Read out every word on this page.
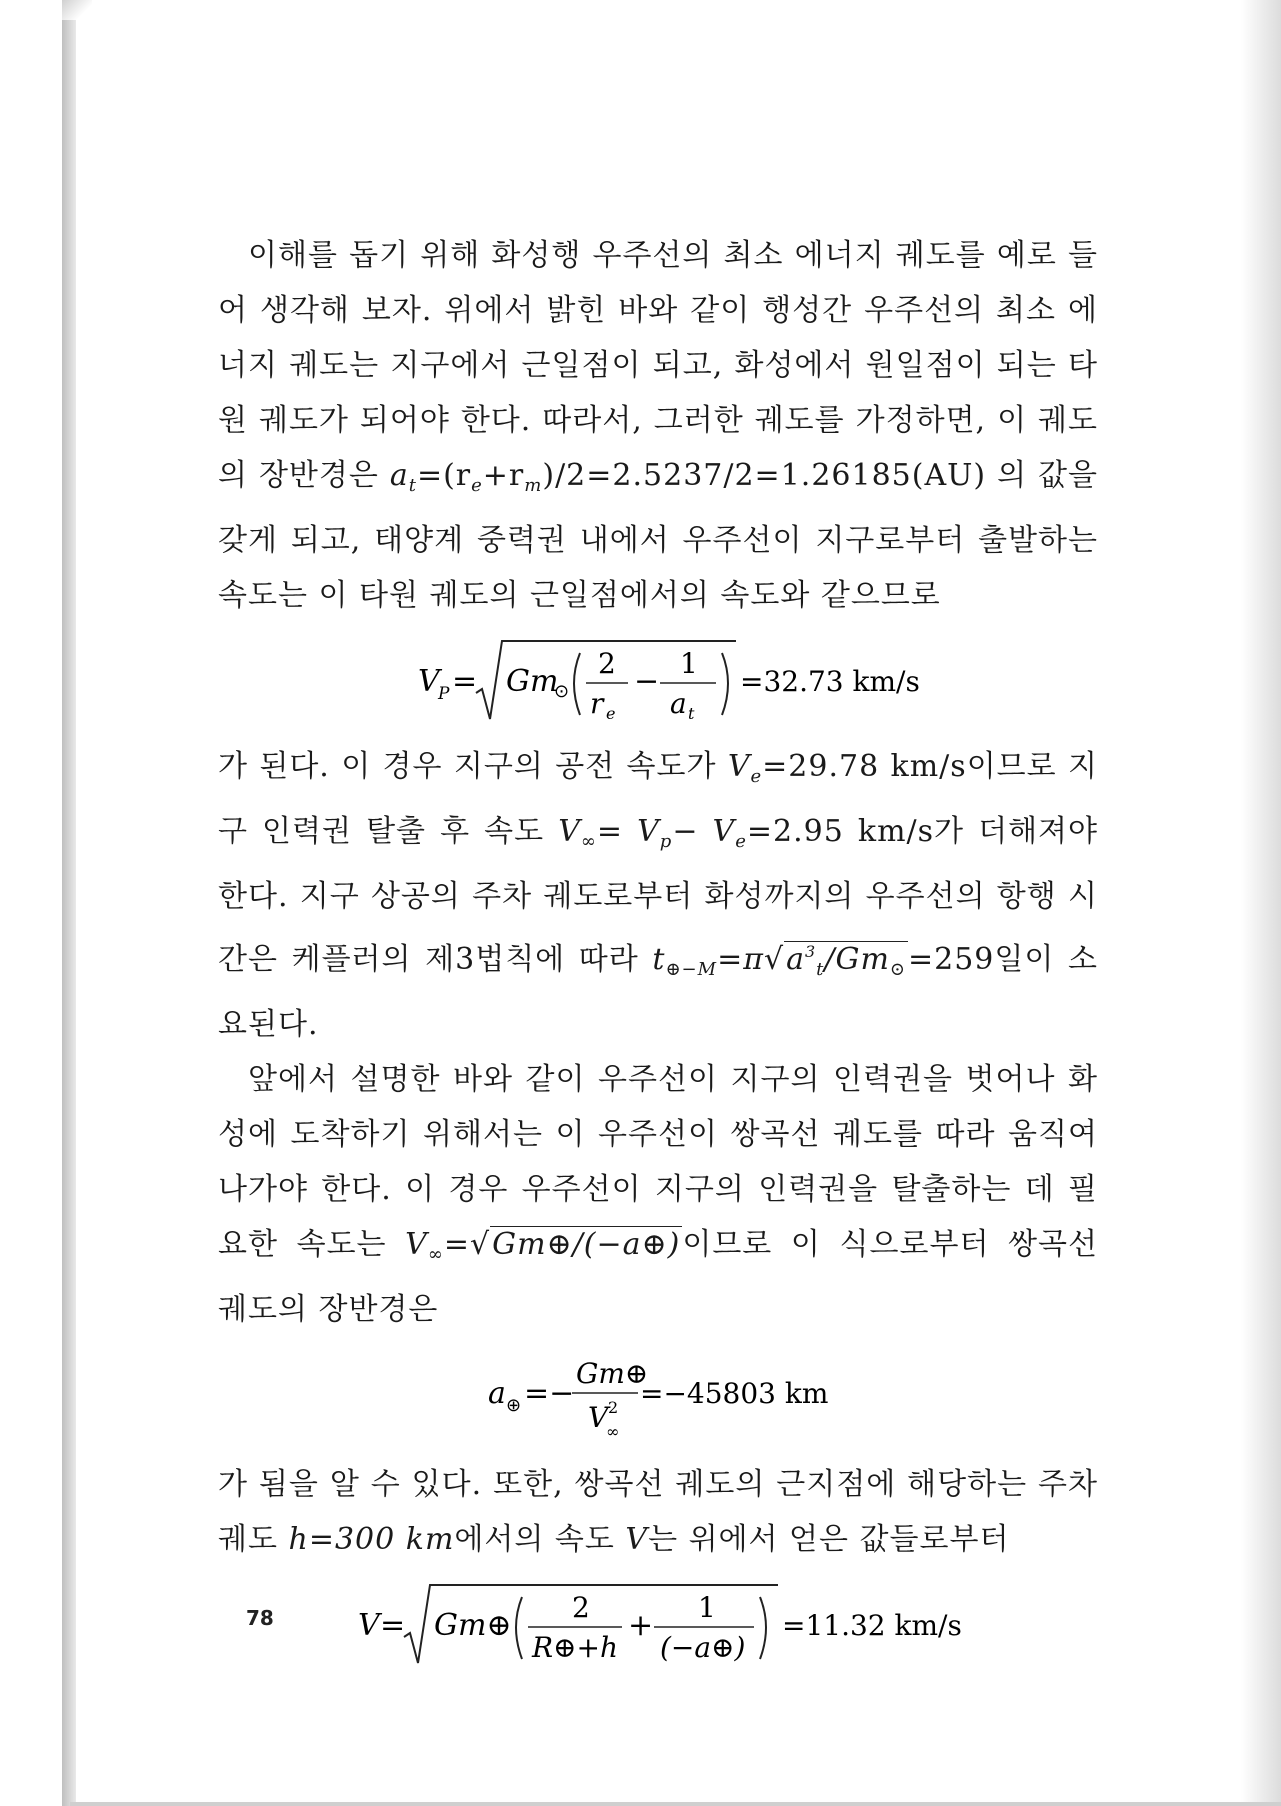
이해를 돕기 위해 화성행 우주선의 최소 에너지 궤도를 예로 들어 생각해 보자. 위에서 밝힌 바와 같이 행성간 우주선의 최소 에너지 궤도는 지구에서 근일점이 되고, 화성에서 원일점이 되는 타원 궤도가 되어야 한다. 따라서, 그러한 궤도를 가정하면, 이 궤도의 장반경은 $a_t=(r_e+r_m)/2=2.5237/2=1.26185(AU)$ 의 값을 갖게 되고, 태양계 중력권 내에서 우주선이 지구로부터 출발하는 속도는 이 타원 궤도의 근일점에서의 속도와 같으므로

V
P = Gm
⊙
2
r e
−
1
a t
=32.73 km/s

가 된다. 이 경우 지구의 공전 속도가 $V_e=29.78$ km/s이므로 지구 인력권 탈출 후 속도 $V_\infty= V_p- V_e=2.95$ km/s가 더해져야 한다. 지구 상공의 주차 궤도로부터 화성까지의 우주선의 항행 시간은 케플러의 제3법칙에 따라 $t_{\oplus-M}=\pi√a^3_t/Gm_⊙=259$일이 소요된다.

앞에서 설명한 바와 같이 우주선이 지구의 인력권을 벗어나 화성에 도착하기 위해서는 이 우주선이 쌍곡선 궤도를 따라 움직여 나가야 한다. 이 경우 우주선이 지구의 인력권을 탈출하는 데 필요한 속도는 $V_\infty=√Gm\oplus/(-a\oplus)$이므로 이 식으로부터 쌍곡선 궤도의 장반경은

a ⊕ =−
Gm⊕
V 2
∞
=−45803 km

가 됨을 알 수 있다. 또한, 쌍곡선 궤도의 근지점에 해당하는 주차 궤도 h=300 km에서의 속도 V는 위에서 얻은 값들로부터

V = Gm⊕
2
R⊕+h
+
1
(−a⊕)
=11.32 km/s
78
